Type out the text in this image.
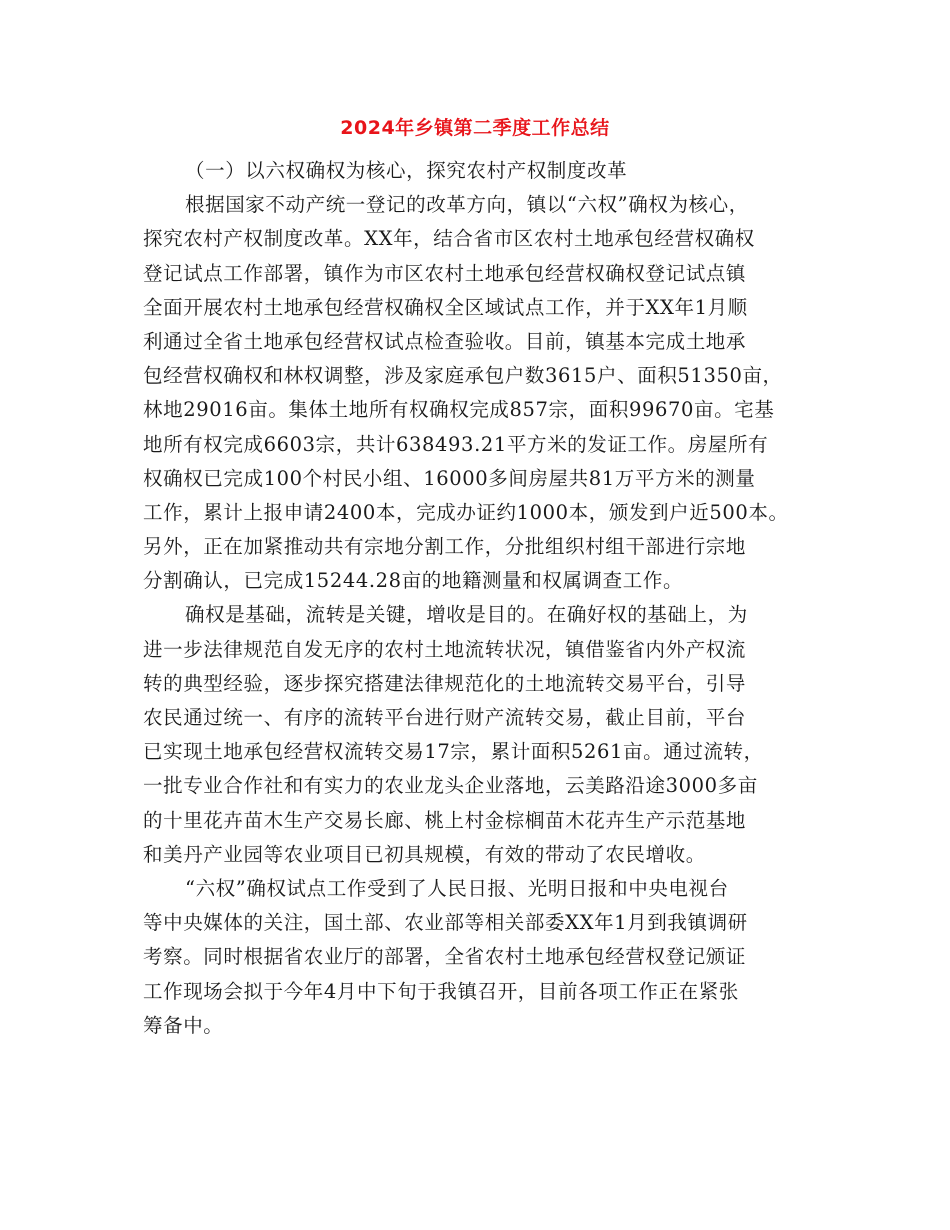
2024年乡镇第二季度工作总结
（一）以六权确权为核心，探究农村产权制度改革
根据国家不动产统一登记的改革方向，镇以“六权”确权为核心，
探究农村产权制度改革。XX年，结合省市区农村土地承包经营权确权
登记试点工作部署，镇作为市区农村土地承包经营权确权登记试点镇
全面开展农村土地承包经营权确权全区域试点工作，并于XX年1月顺
利通过全省土地承包经营权试点检查验收。目前，镇基本完成土地承
包经营权确权和林权调整，涉及家庭承包户数3615户、面积51350亩，
林地29016亩。集体土地所有权确权完成857宗，面积99670亩。宅基
地所有权完成6603宗，共计638493.21平方米的发证工作。房屋所有
权确权已完成100个村民小组、16000多间房屋共81万平方米的测量
工作，累计上报申请2400本，完成办证约1000本，颁发到户近500本。
另外，正在加紧推动共有宗地分割工作，分批组织村组干部进行宗地
分割确认，已完成15244.28亩的地籍测量和权属调查工作。
确权是基础，流转是关键，增收是目的。在确好权的基础上，为
进一步法律规范自发无序的农村土地流转状况，镇借鉴省内外产权流
转的典型经验，逐步探究搭建法律规范化的土地流转交易平台，引导
农民通过统一、有序的流转平台进行财产流转交易，截止目前，平台
已实现土地承包经营权流转交易17宗，累计面积5261亩。通过流转，
一批专业合作社和有实力的农业龙头企业落地，云美路沿途3000多亩
的十里花卉苗木生产交易长廊、桃上村金棕榈苗木花卉生产示范基地
和美丹产业园等农业项目已初具规模，有效的带动了农民增收。
“六权”确权试点工作受到了人民日报、光明日报和中央电视台
等中央媒体的关注，国土部、农业部等相关部委XX年1月到我镇调研
考察。同时根据省农业厅的部署，全省农村土地承包经营权登记颁证
工作现场会拟于今年4月中下旬于我镇召开，目前各项工作正在紧张
筹备中。
